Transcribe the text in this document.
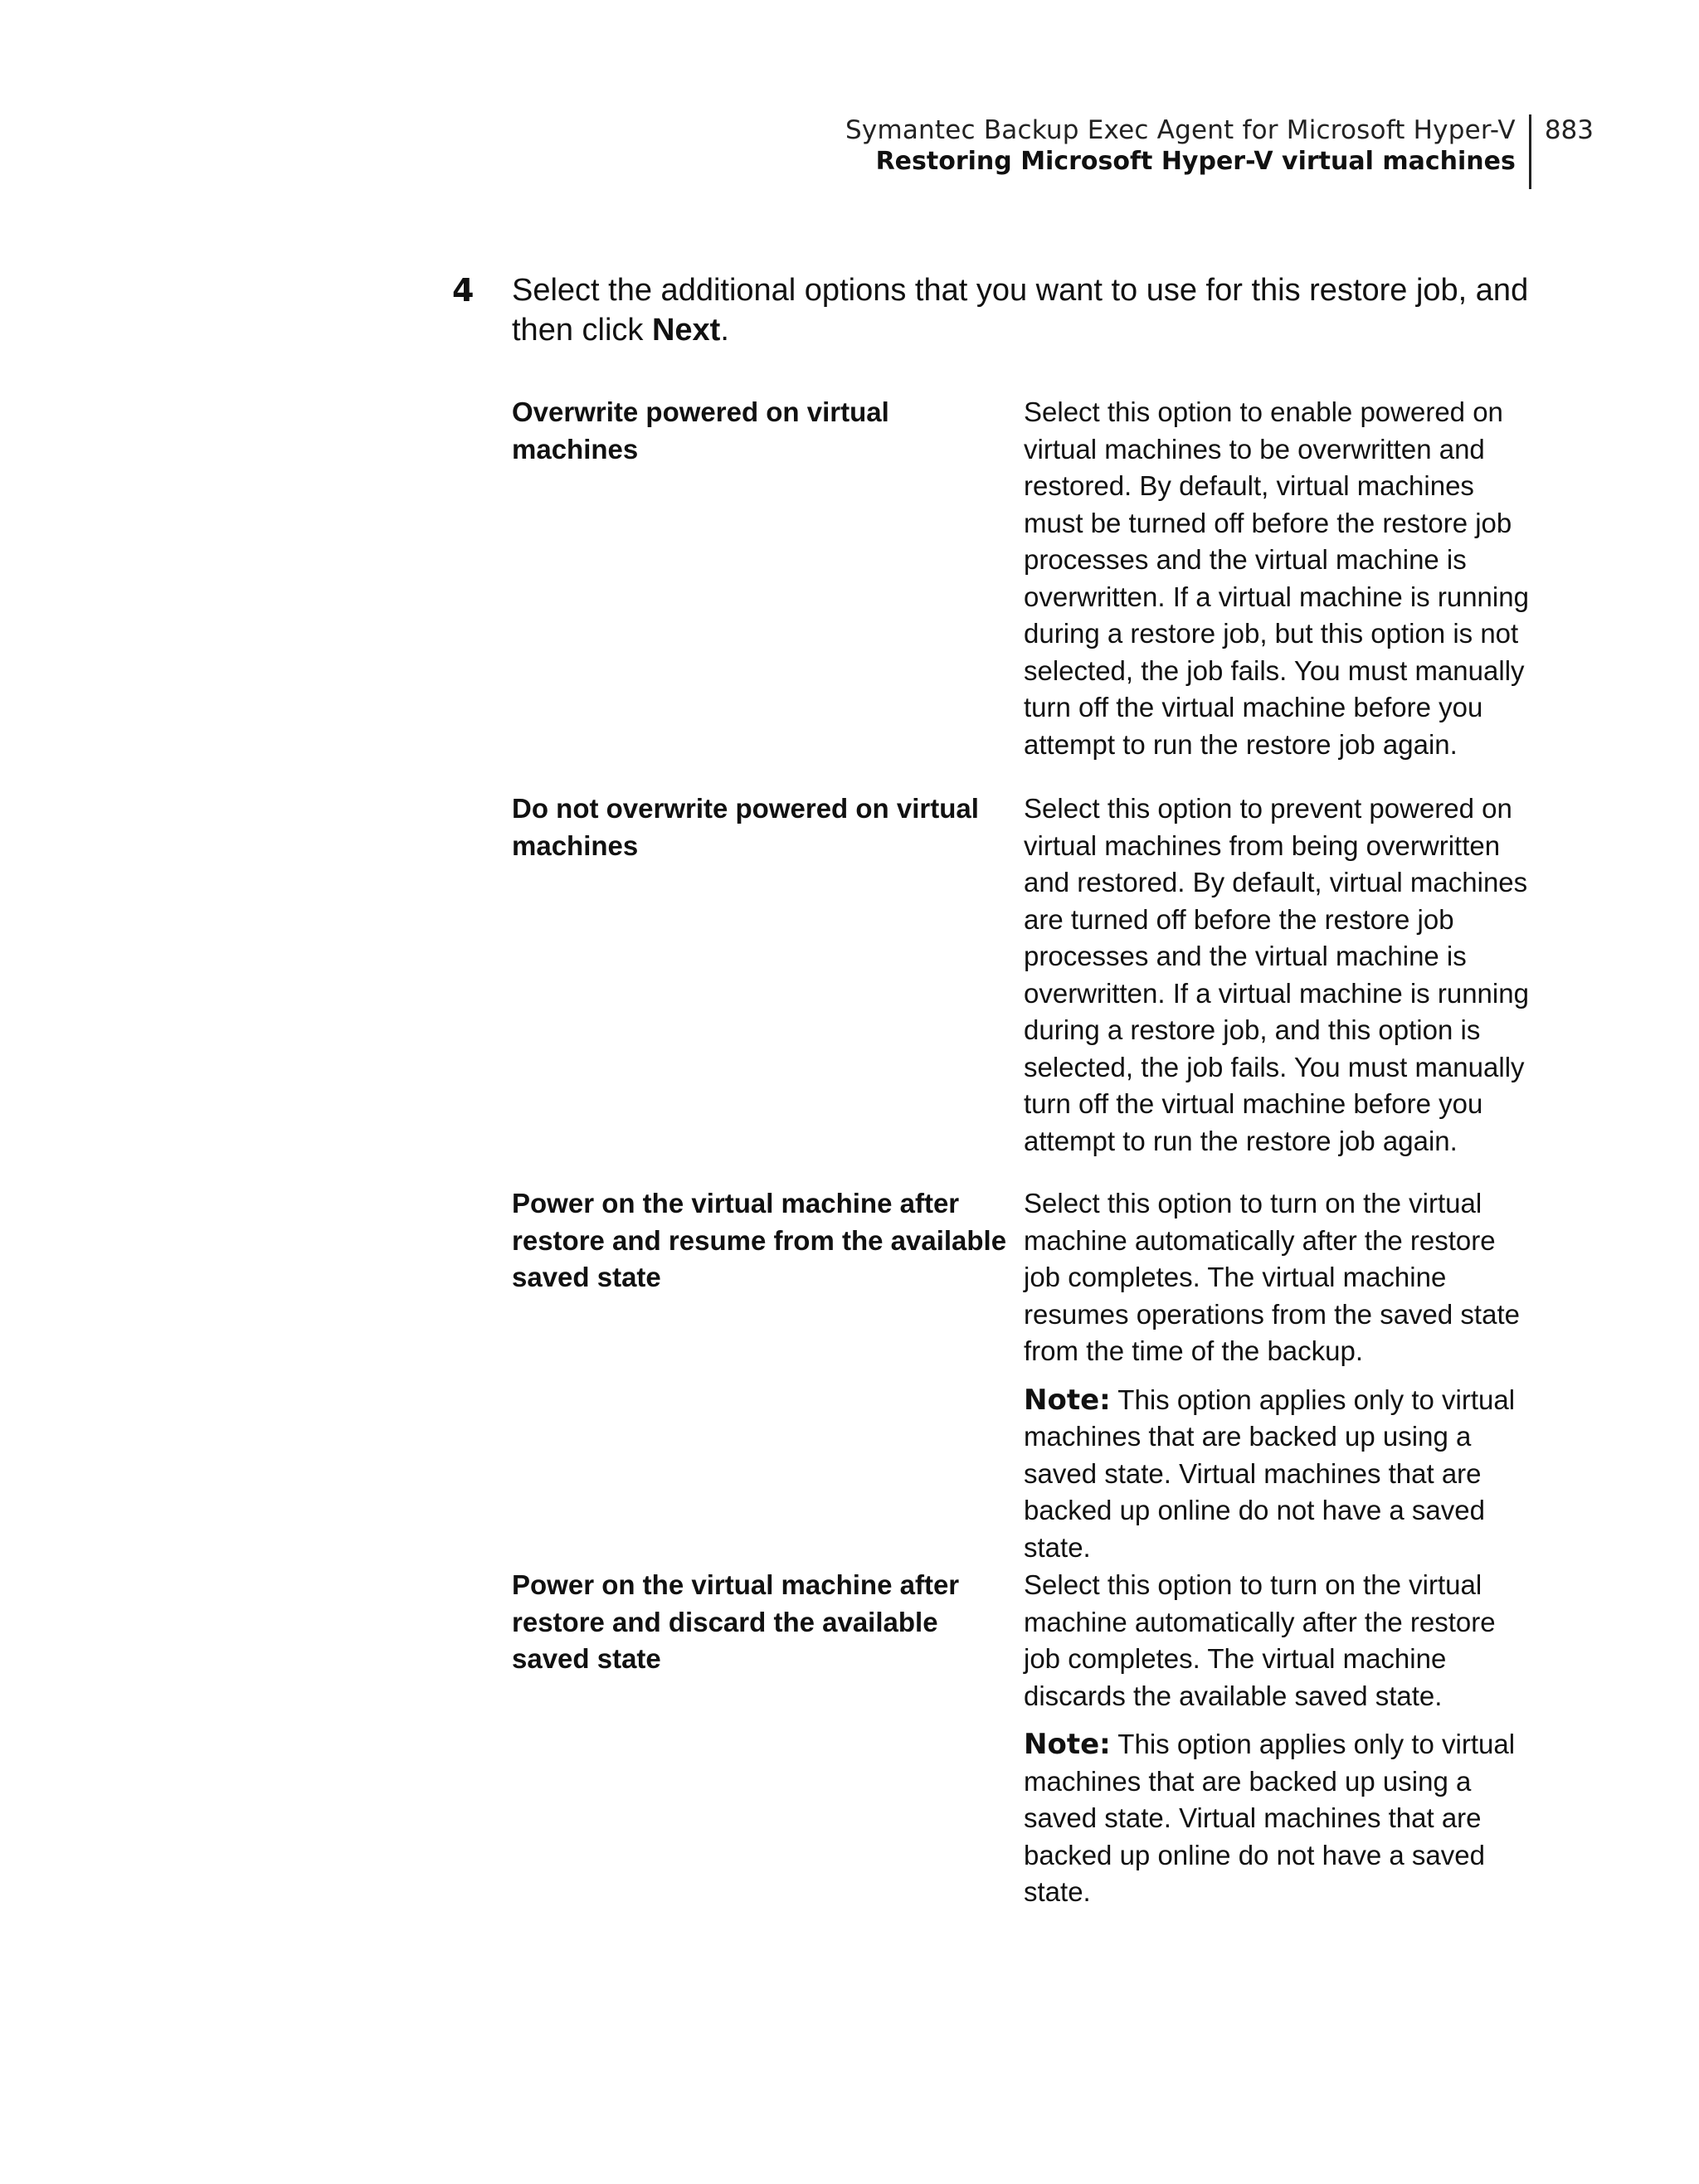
Symantec Backup Exec Agent for Microsoft Hyper-V
Restoring Microsoft Hyper-V virtual machines
883
4 Select the additional options that you want to use for this restore job, and then click Next.
Overwrite powered on virtual machines

Select this option to enable powered on virtual machines to be overwritten and restored. By default, virtual machines must be turned off before the restore job processes and the virtual machine is overwritten. If a virtual machine is running during a restore job, but this option is not selected, the job fails. You must manually turn off the virtual machine before you attempt to run the restore job again.

Do not overwrite powered on virtual machines

Select this option to prevent powered on virtual machines from being overwritten and restored. By default, virtual machines are turned off before the restore job processes and the virtual machine is overwritten. If a virtual machine is running during a restore job, and this option is selected, the job fails. You must manually turn off the virtual machine before you attempt to run the restore job again.

Power on the virtual machine after restore and resume from the available saved state

Select this option to turn on the virtual machine automatically after the restore job completes. The virtual machine resumes operations from the saved state from the time of the backup.

Note: This option applies only to virtual machines that are backed up using a saved state. Virtual machines that are backed up online do not have a saved state.

Power on the virtual machine after restore and discard the available saved state

Select this option to turn on the virtual machine automatically after the restore job completes. The virtual machine discards the available saved state.

Note: This option applies only to virtual machines that are backed up using a saved state. Virtual machines that are backed up online do not have a saved state.
